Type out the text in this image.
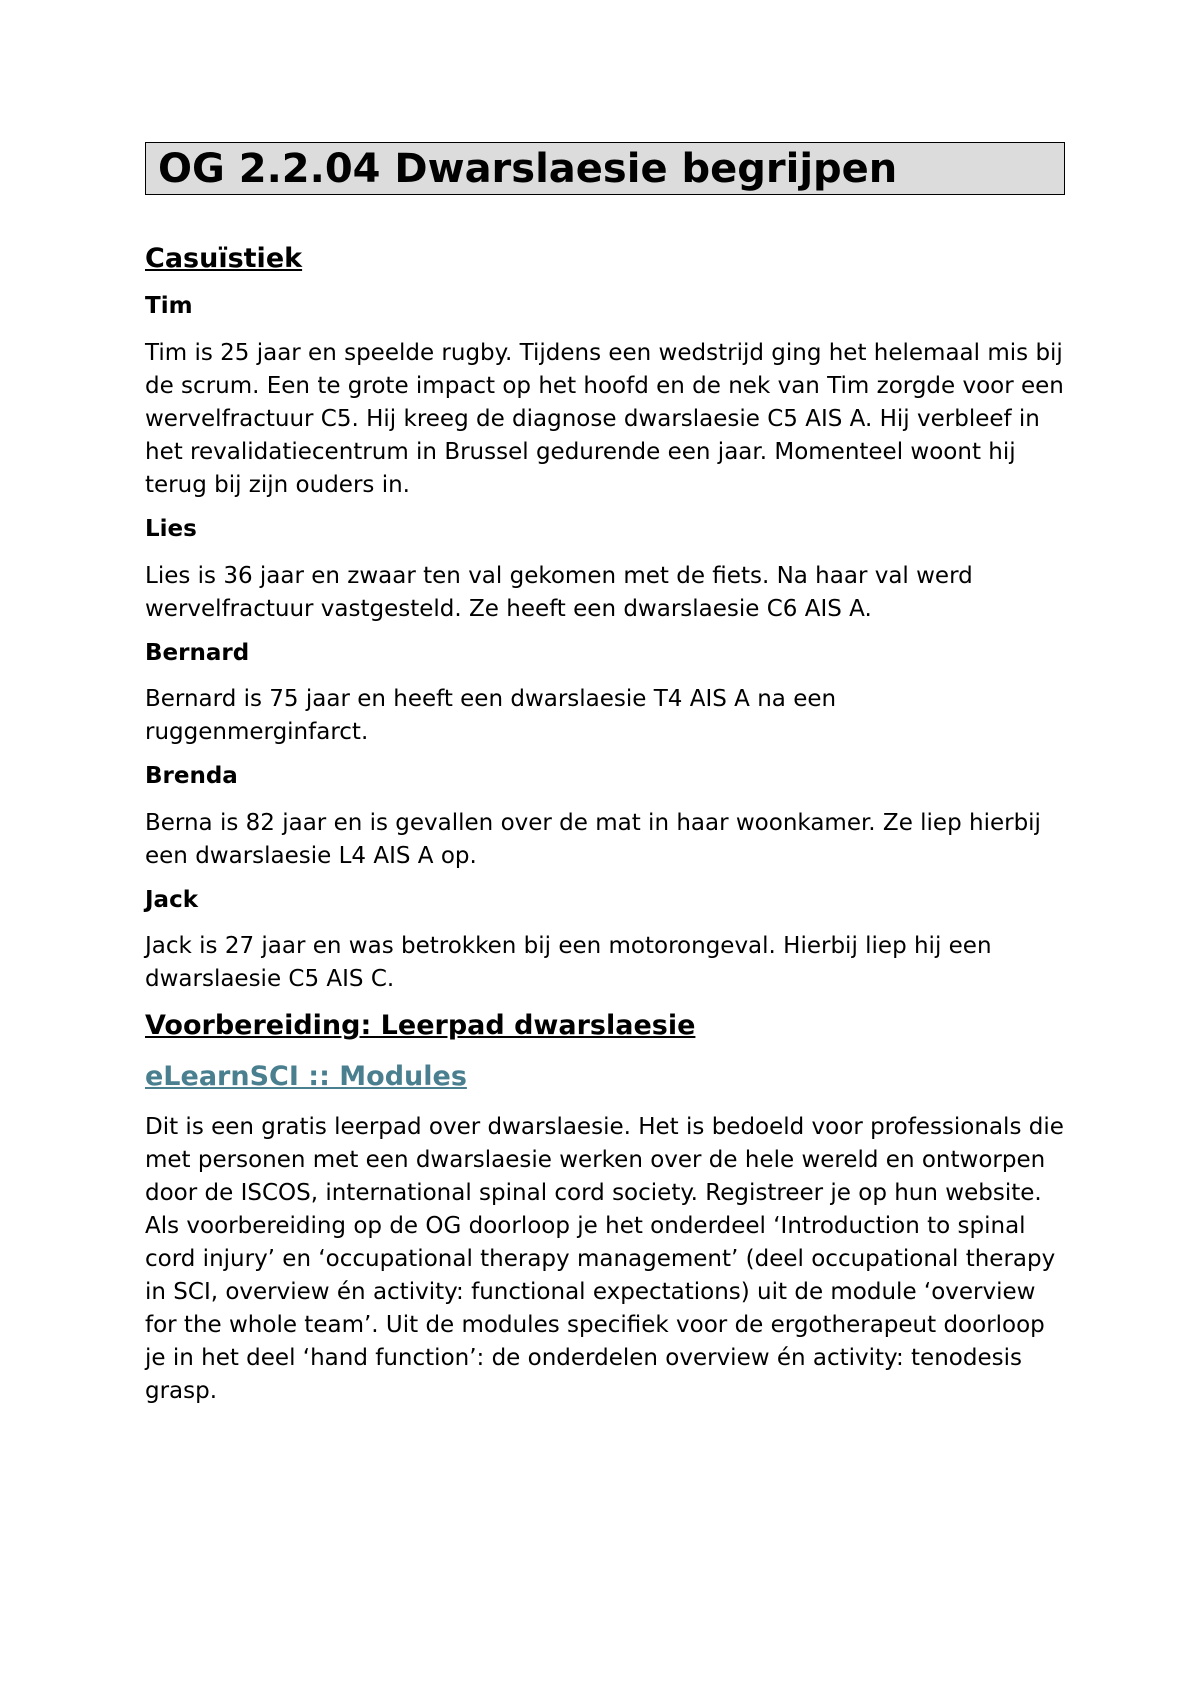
OG 2.2.04 Dwarslaesie begrijpen
Casuïstiek
Tim

Tim is 25 jaar en speelde rugby. Tijdens een wedstrijd ging het helemaal mis bij de scrum. Een te grote impact op het hoofd en de nek van Tim zorgde voor een wervelfractuur C5. Hij kreeg de diagnose dwarslaesie C5 AIS A. Hij verbleef in het revalidatiecentrum in Brussel gedurende een jaar. Momenteel woont hij terug bij zijn ouders in.

Lies

Lies is 36 jaar en zwaar ten val gekomen met de fiets. Na haar val werd wervelfractuur vastgesteld. Ze heeft een dwarslaesie C6 AIS A.

Bernard

Bernard is 75 jaar en heeft een dwarslaesie T4 AIS A na een ruggenmerginfarct.

Brenda

Berna is 82 jaar en is gevallen over de mat in haar woonkamer. Ze liep hierbij een dwarslaesie L4 AIS A op.

Jack

Jack is 27 jaar en was betrokken bij een motorongeval. Hierbij liep hij een dwarslaesie C5 AIS C.

Voorbereiding: Leerpad dwarslaesie
eLearnSCI :: Modules

Dit is een gratis leerpad over dwarslaesie. Het is bedoeld voor professionals die met personen met een dwarslaesie werken over de hele wereld en ontworpen door de ISCOS, international spinal cord society. Registreer je op hun website. Als voorbereiding op de OG doorloop je het onderdeel ‘Introduction to spinal cord injury’ en ‘occupational therapy management’ (deel occupational therapy in SCI, overview én activity: functional expectations) uit de module ‘overview for the whole team’. Uit de modules specifiek voor de ergotherapeut doorloop je in het deel ‘hand function’: de onderdelen overview én activity: tenodesis grasp.
